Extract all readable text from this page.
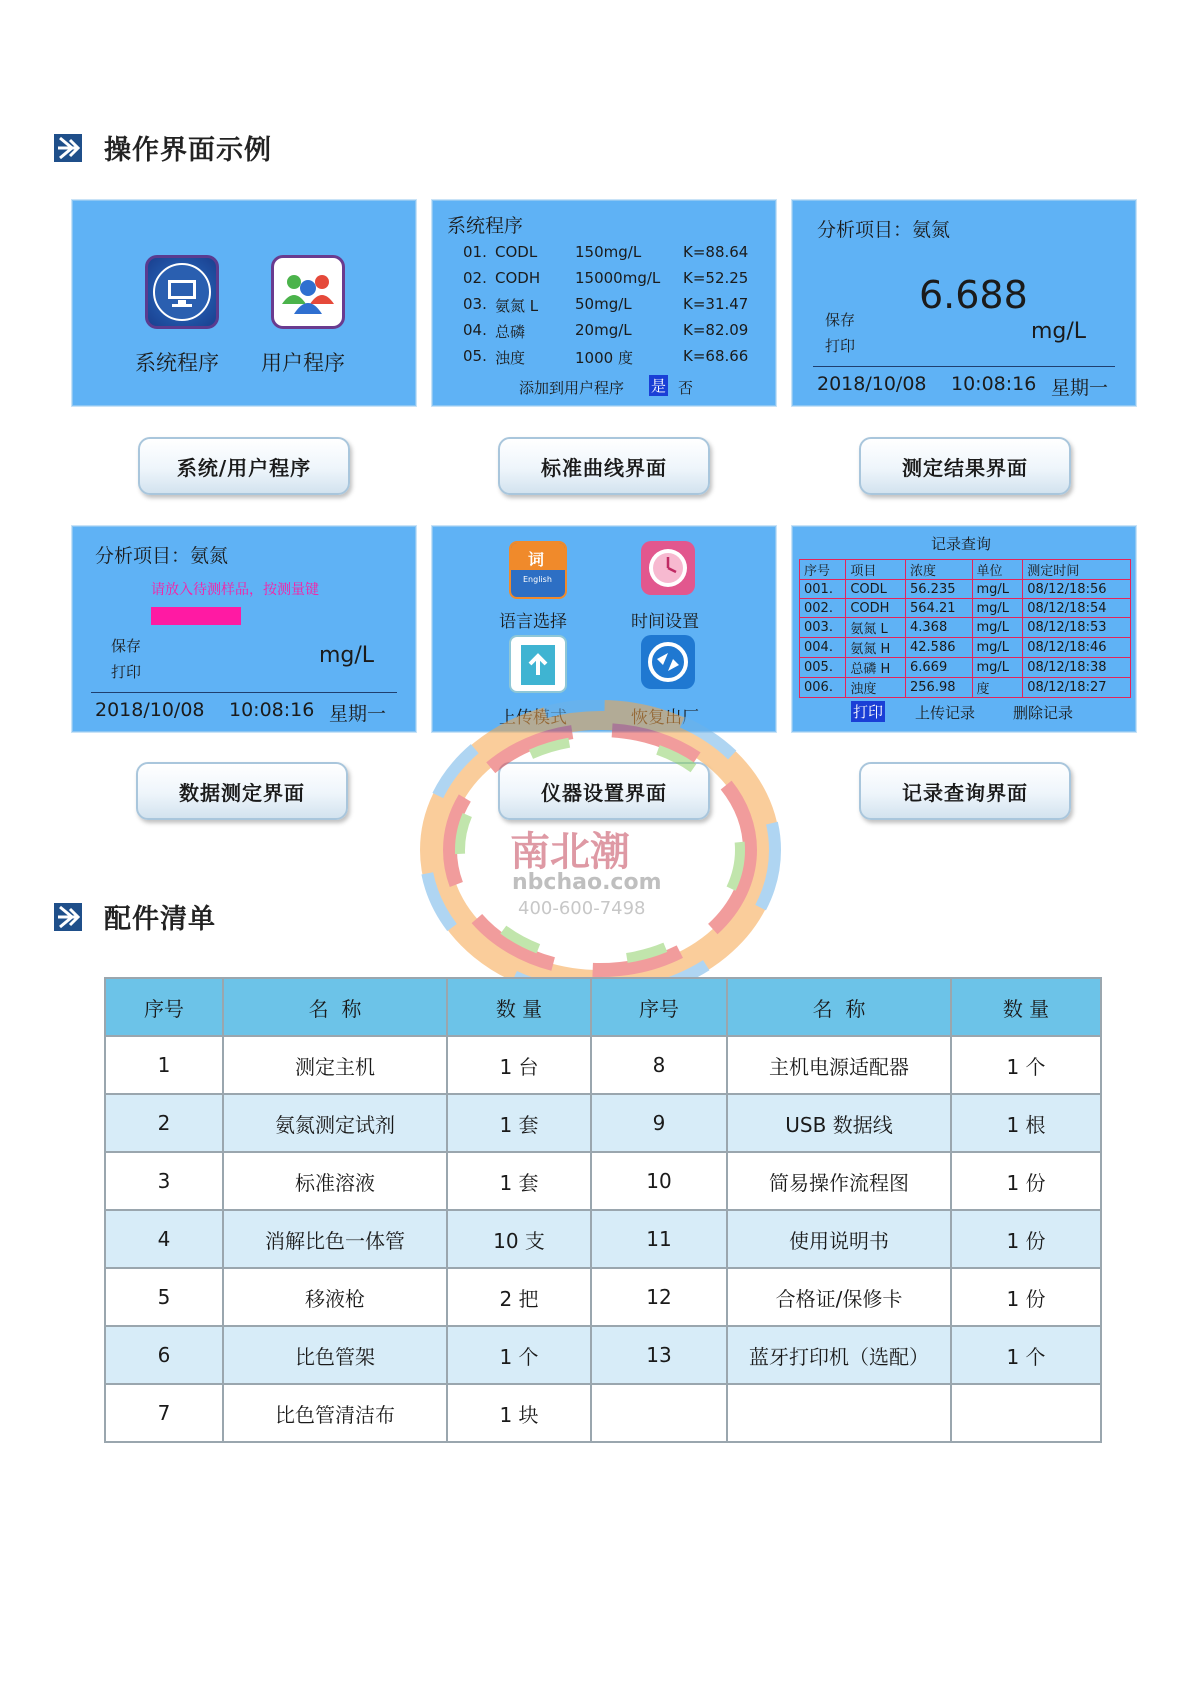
操作界面示例
系统程序 用户程序
系统程序
01. CODL	150mg/L	K=88.64
02. CODH 15000mg/L K=52.25
03. 氨氮 L 50mg/L	K=31.47
04. 总磷	20mg/L	K=82.09
05. 浊度	1000 度	K=68.66
添加到用户程序 是 否
分析项目：氨氮
6.688
保存
打印
mg/L
2018/10/08 10:08:16 星期一
系统/用户程序	标准曲线界面	测定结果界面
分析项目：氨氮
请放入待测样品，按测量键
保存
打印
mg/L
2018/10/08 10:08:16 星期一
词
English
语言选择	时间设置
上传模式	恢复出厂
记录查询
序号	项目	浓度	单位	测定时间
001.	CODL	56.235	mg/L	08/12/18:56
002.	CODH	564.21	mg/L	08/12/18:54
003.	氨氮 L	4.368	mg/L	08/12/18:53
004.	氨氮 H	42.586	mg/L	08/12/18:46
005.	总磷 H	6.669	mg/L	08/12/18:38
006.	浊度	256.98	度	08/12/18:27
打印 上传记录	删除记录
数据测定界面	仪器设置界面	记录查询界面
南北潮
nbchao.com
400-600-7498
配件清单
序号	名  称	数 量	序号	名  称	数 量
1	测定主机	1 台	8	主机电源适配器	1 个
2	氨氮测定试剂	1 套	9	USB 数据线	1 根
3	标准溶液	1 套	10	简易操作流程图	1 份
4	消解比色一体管	10 支	11	使用说明书	1 份
5	移液枪	2 把	12	合格证/保修卡	1 份
6	比色管架	1 个	13	蓝牙打印机（选配）	1 个
7	比色管清洁布	1 块			
